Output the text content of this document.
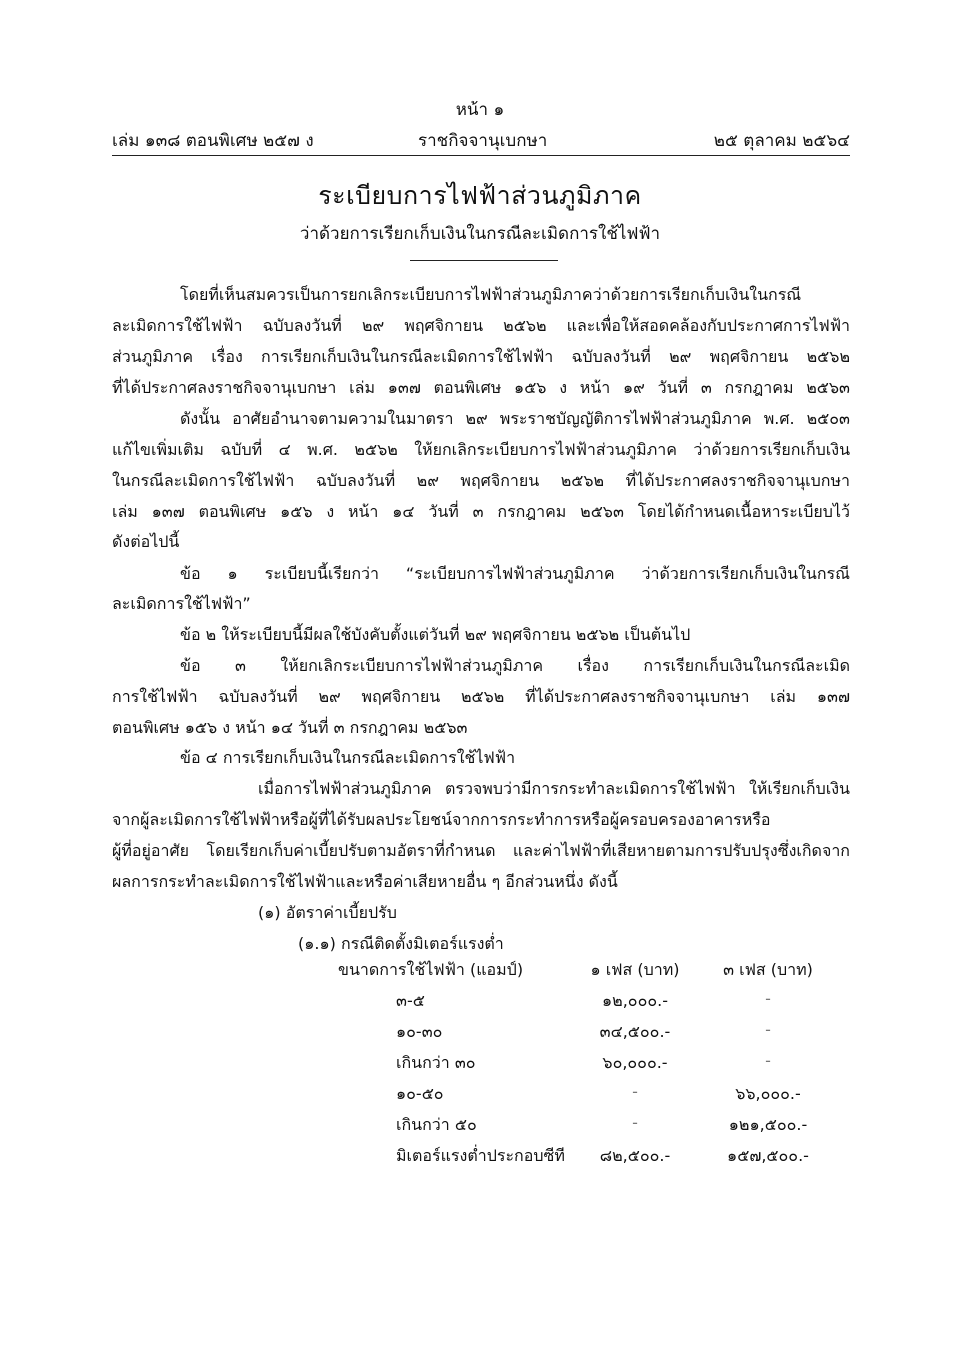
หน้า ๑
เล่ม ๑๓๘ ตอนพิเศษ ๒๕๗ ง	ราชกิจจานุเบกษา	๒๕ ตุลาคม ๒๕๖๔
ระเบียบการไฟฟ้าส่วนภูมิภาค
ว่าด้วยการเรียกเก็บเงินในกรณีละเมิดการใช้ไฟฟ้า
โดยที่เห็นสมควรเป็นการยกเลิกระเบียบการไฟฟ้าส่วนภูมิภาคว่าด้วยการเรียกเก็บเงินในกรณี
ละเมิดการใช้ไฟฟ้า ฉบับลงวันที่ ๒๙ พฤศจิกายน ๒๕๖๒ และเพื่อให้สอดคล้องกับประกาศการไฟฟ้า
ส่วนภูมิภาค เรื่อง การเรียกเก็บเงินในกรณีละเมิดการใช้ไฟฟ้า ฉบับลงวันที่ ๒๙ พฤศจิกายน ๒๕๖๒
ที่ได้ประกาศลงราชกิจจานุเบกษา เล่ม ๑๓๗ ตอนพิเศษ ๑๕๖ ง หน้า ๑๙ วันที่ ๓ กรกฎาคม ๒๕๖๓
ดังนั้น อาศัยอำนาจตามความในมาตรา ๒๙ พระราชบัญญัติการไฟฟ้าส่วนภูมิภาค พ.ศ. ๒๕๐๓
แก้ไขเพิ่มเติม ฉบับที่ ๔ พ.ศ. ๒๕๖๒ ให้ยกเลิกระเบียบการไฟฟ้าส่วนภูมิภาค ว่าด้วยการเรียกเก็บเงิน
ในกรณีละเมิดการใช้ไฟฟ้า ฉบับลงวันที่ ๒๙ พฤศจิกายน ๒๕๖๒ ที่ได้ประกาศลงราชกิจจานุเบกษา
เล่ม ๑๓๗ ตอนพิเศษ ๑๕๖ ง หน้า ๑๔ วันที่ ๓ กรกฎาคม ๒๕๖๓ โดยได้กำหนดเนื้อหาระเบียบไว้
ดังต่อไปนี้
ข้อ ๑ ระเบียบนี้เรียกว่า “ระเบียบการไฟฟ้าส่วนภูมิภาค ว่าด้วยการเรียกเก็บเงินในกรณี
ละเมิดการใช้ไฟฟ้า”
ข้อ ๒ ให้ระเบียบนี้มีผลใช้บังคับตั้งแต่วันที่ ๒๙ พฤศจิกายน ๒๕๖๒ เป็นต้นไป
ข้อ ๓ ให้ยกเลิกระเบียบการไฟฟ้าส่วนภูมิภาค เรื่อง การเรียกเก็บเงินในกรณีละเมิด
การใช้ไฟฟ้า ฉบับลงวันที่ ๒๙ พฤศจิกายน ๒๕๖๒ ที่ได้ประกาศลงราชกิจจานุเบกษา เล่ม ๑๓๗
ตอนพิเศษ ๑๕๖ ง หน้า ๑๔ วันที่ ๓ กรกฎาคม ๒๕๖๓
ข้อ ๔ การเรียกเก็บเงินในกรณีละเมิดการใช้ไฟฟ้า
เมื่อการไฟฟ้าส่วนภูมิภาค ตรวจพบว่ามีการกระทำละเมิดการใช้ไฟฟ้า ให้เรียกเก็บเงิน
จากผู้ละเมิดการใช้ไฟฟ้าหรือผู้ที่ได้รับผลประโยชน์จากการกระทำการหรือผู้ครอบครองอาคารหรือ
ผู้ที่อยู่อาศัย โดยเรียกเก็บค่าเบี้ยปรับตามอัตราที่กำหนด และค่าไฟฟ้าที่เสียหายตามการปรับปรุงซึ่งเกิดจาก
ผลการกระทำละเมิดการใช้ไฟฟ้าและหรือค่าเสียหายอื่น ๆ อีกส่วนหนึ่ง ดังนี้
(๑) อัตราค่าเบี้ยปรับ
(๑.๑) กรณีติดตั้งมิเตอร์แรงต่ำ
ขนาดการใช้ไฟฟ้า (แอมป์)	๑ เฟส (บาท)	๓ เฟส (บาท)
๓-๕	๑๒,๐๐๐.-	-
๑๐-๓๐	๓๔,๕๐๐.-	-
เกินกว่า ๓๐	๖๐,๐๐๐.-	-
๑๐-๕๐	-	๖๖,๐๐๐.-
เกินกว่า ๕๐	-	๑๒๑,๕๐๐.-
มิเตอร์แรงต่ำประกอบซีที	๘๒,๕๐๐.-	๑๕๗,๕๐๐.-
